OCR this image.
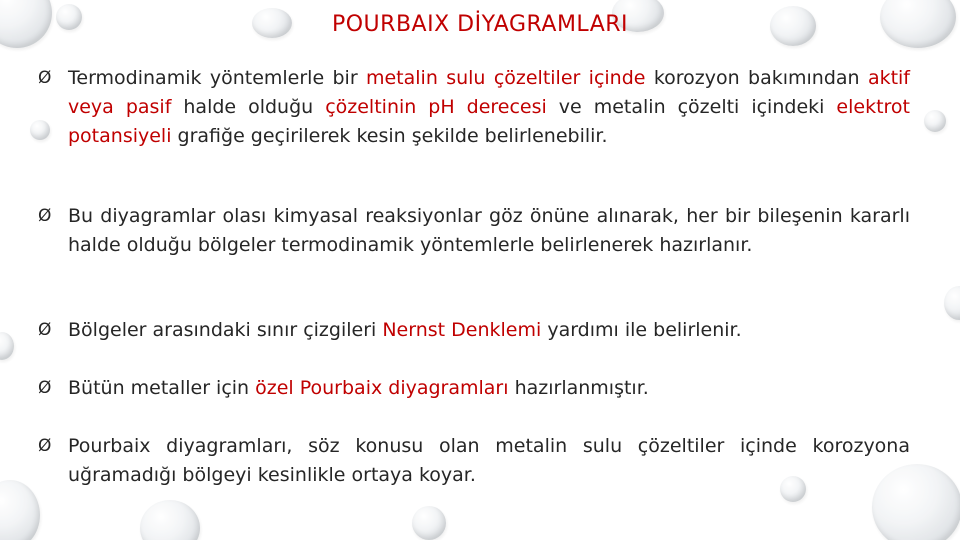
POURBAIX DİYAGRAMLARI
Ø Termodinamik yöntemlerle bir metalin sulu çözeltiler içinde korozyon bakımından aktif veya pasif halde olduğu çözeltinin pH derecesi ve metalin çözelti içindeki elektrot potansiyeli grafiğe geçirilerek kesin şekilde belirlenebilir.
Ø Bu diyagramlar olası kimyasal reaksiyonlar göz önüne alınarak, her bir bileşenin kararlı halde olduğu bölgeler termodinamik yöntemlerle belirlenerek hazırlanır.
Ø Bölgeler arasındaki sınır çizgileri Nernst Denklemi yardımı ile belirlenir.
Ø Bütün metaller için özel Pourbaix diyagramları hazırlanmıştır.
Ø Pourbaix diyagramları, söz konusu olan metalin sulu çözeltiler içinde korozyona uğramadığı bölgeyi kesinlikle ortaya koyar.
